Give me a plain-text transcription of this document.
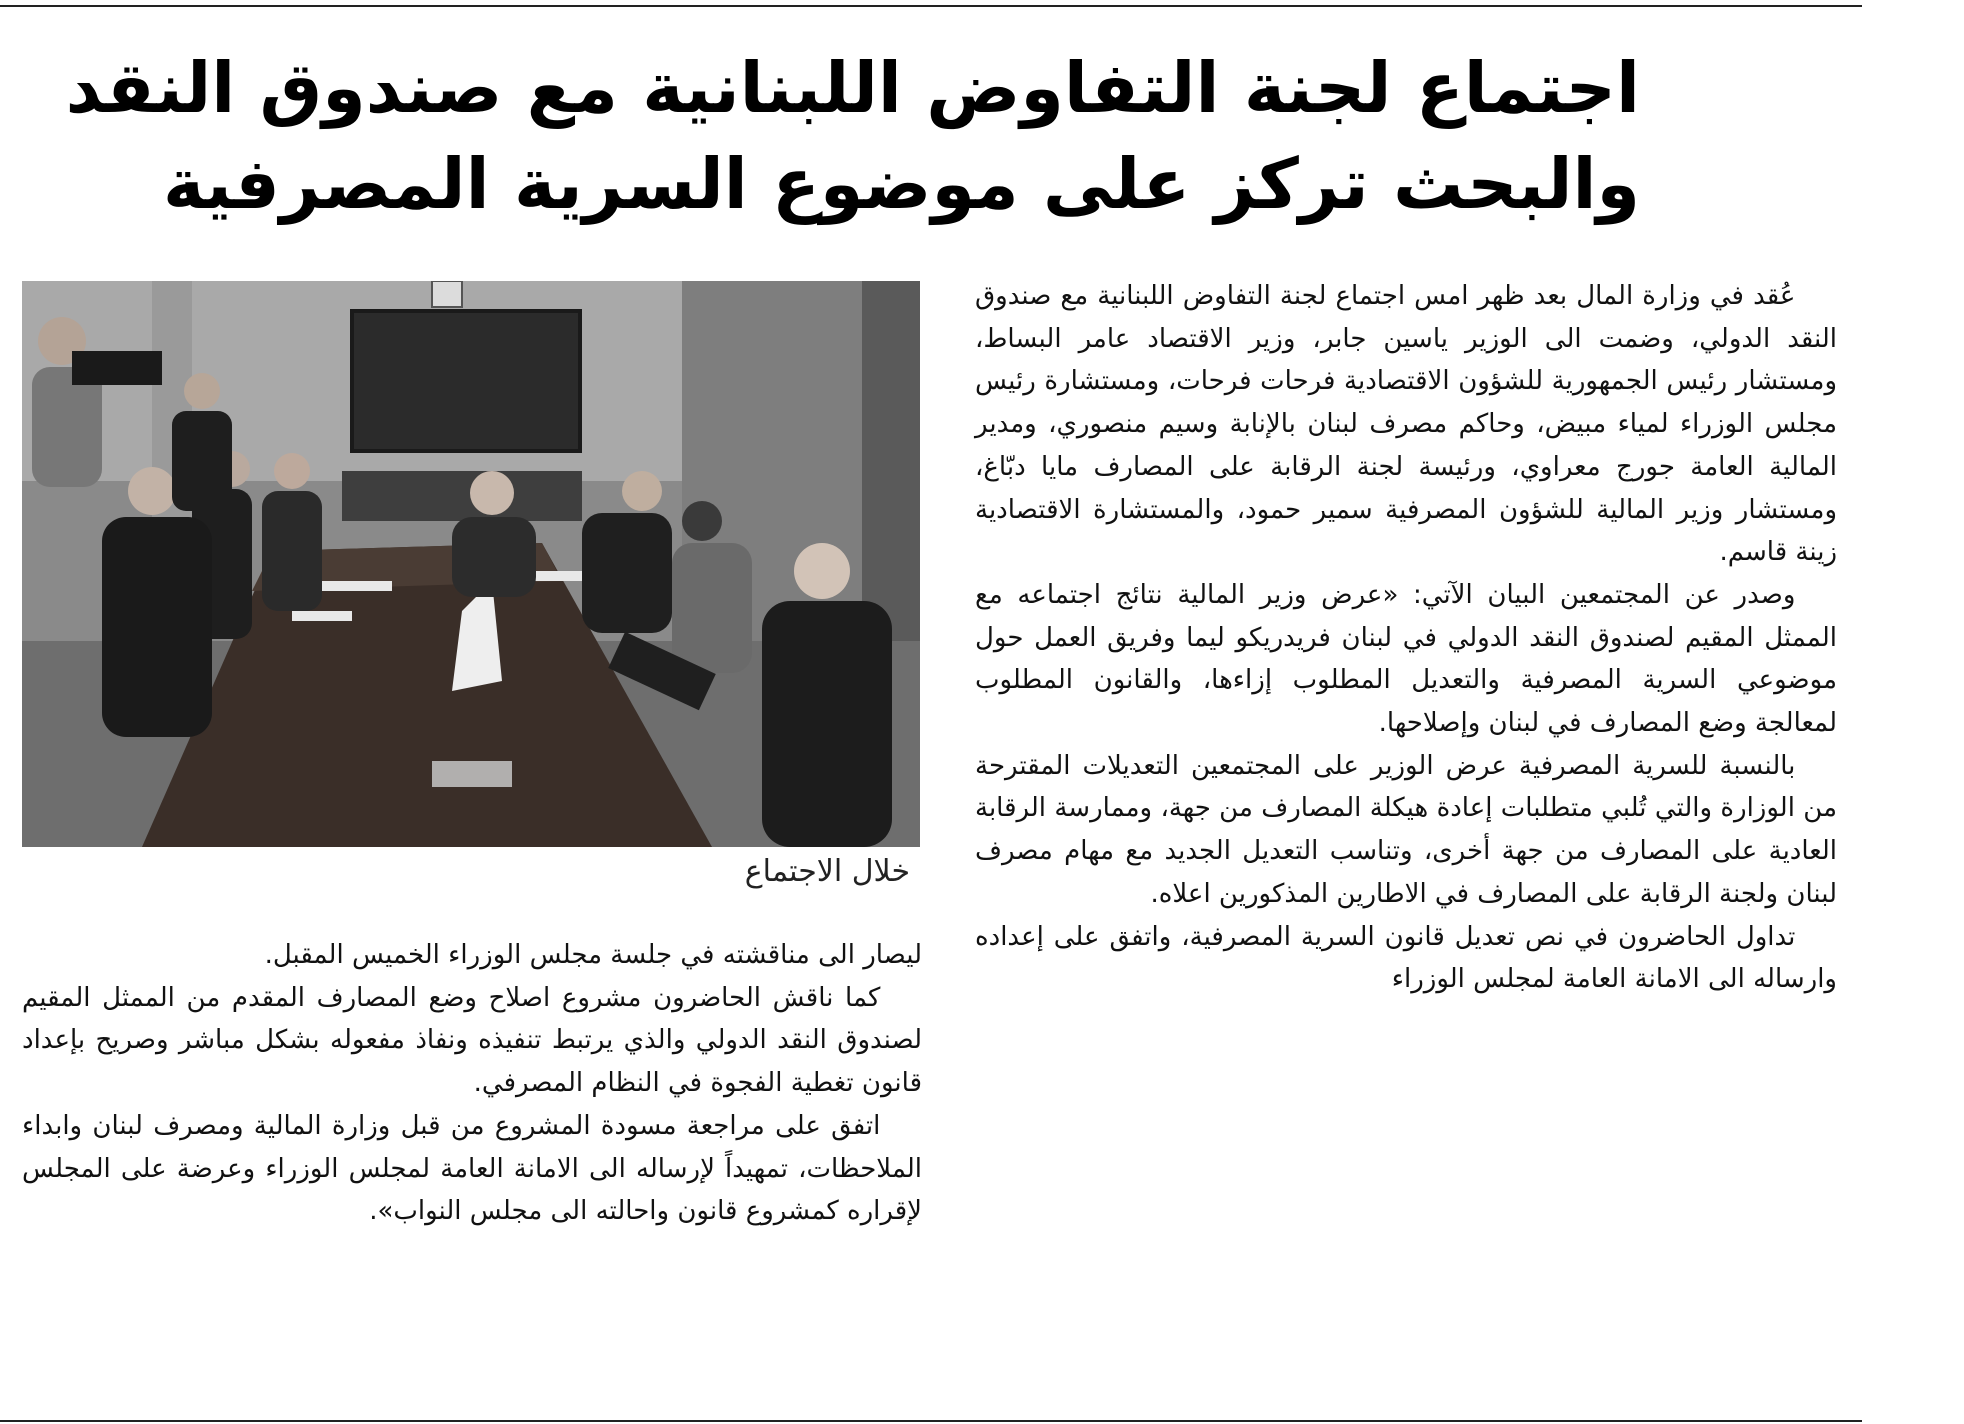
اجتماع لجنة التفاوض اللبنانية مع صندوق النقد
والبحث تركز على موضوع السرية المصرفية

عُقد في وزارة المال بعد ظهر امس اجتماع لجنة التفاوض اللبنانية مع صندوق النقد الدولي، وضمت الى الوزير ياسين جابر، وزير الاقتصاد عامر البساط، ومستشار رئيس الجمهورية للشؤون الاقتصادية فرحات فرحات، ومستشارة رئيس مجلس الوزراء لمياء مبيض، وحاكم مصرف لبنان بالإنابة وسيم منصوري، ومدير المالية العامة جورج معراوي، ورئيسة لجنة الرقابة على المصارف مايا دبّاغ، ومستشار وزير المالية للشؤون المصرفية سمير حمود، والمستشارة الاقتصادية زينة قاسم.

وصدر عن المجتمعين البيان الآتي: «عرض وزير المالية نتائج اجتماعه مع الممثل المقيم لصندوق النقد الدولي في لبنان فريدريكو ليما وفريق العمل حول موضوعي السرية المصرفية والتعديل المطلوب إزاءها، والقانون المطلوب لمعالجة وضع المصارف في لبنان وإصلاحها.

بالنسبة للسرية المصرفية عرض الوزير على المجتمعين التعديلات المقترحة من الوزارة والتي تُلبي متطلبات إعادة هيكلة المصارف من جهة، وممارسة الرقابة العادية على المصارف من جهة أخرى، وتناسب التعديل الجديد مع مهام مصرف لبنان ولجنة الرقابة على المصارف في الاطارين المذكورين اعلاه.

تداول الحاضرون في نص تعديل قانون السرية المصرفية، واتفق على إعداده وارساله الى الامانة العامة لمجلس الوزراء

خلال الاجتماع

ليصار الى مناقشته في جلسة مجلس الوزراء الخميس المقبل.

كما ناقش الحاضرون مشروع اصلاح وضع المصارف المقدم من الممثل المقيم لصندوق النقد الدولي والذي يرتبط تنفيذه ونفاذ مفعوله بشكل مباشر وصريح بإعداد قانون تغطية الفجوة في النظام المصرفي.

اتفق على مراجعة مسودة المشروع من قبل وزارة المالية ومصرف لبنان وابداء الملاحظات، تمهيداً لإرساله الى الامانة العامة لمجلس الوزراء وعرضة على المجلس لإقراره كمشروع قانون واحالته الى مجلس النواب».
